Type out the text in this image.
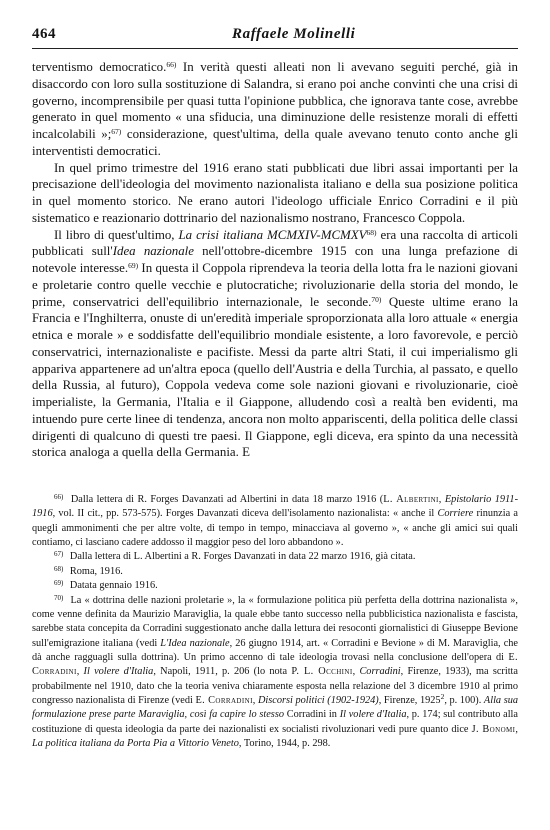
464	Raffaele Molinelli

terventismo democratico.$^{66)}$ In verità questi alleati non li avevano seguiti perché, già in disaccordo con loro sulla sostituzione di Salandra, si erano poi anche convinti che una crisi di governo, incomprensibile per quasi tutta l'opinione pubblica, che ignorava tante cose, avrebbe generato in quel momento « una sfiducia, una diminuzione delle resistenze morali di effetti incalcolabili »;$^{67)}$ considerazione, quest'ultima, della quale avevano tenuto conto anche gli interventisti democratici.

In quel primo trimestre del 1916 erano stati pubblicati due libri assai importanti per la precisazione dell'ideologia del movimento nazionalista italiano e della sua posizione politica in quel momento storico. Ne erano autori l'ideologo ufficiale Enrico Corradini e il più sistematico e reazionario dottrinario del nazionalismo nostrano, Francesco Coppola.

Il libro di quest'ultimo, La crisi italiana MCMXIV-MCMXV$^{68)}$ era una raccolta di articoli pubblicati sull'Idea nazionale nell'ottobre-dicembre 1915 con una lunga prefazione di notevole interesse.$^{69)}$ In questa il Coppola riprendeva la teoria della lotta fra le nazioni giovani e proletarie contro quelle vecchie e plutocratiche; rivoluzionarie della storia del mondo, le prime, conservatrici dell'equilibrio internazionale, le seconde.$^{70)}$ Queste ultime erano la Francia e l'Inghilterra, onuste di un'eredità imperiale sproporzionata alla loro attuale « energia etnica e morale » e soddisfatte dell'equilibrio mondiale esistente, a loro favorevole, e perciò conservatrici, internazionaliste e pacifiste. Messi da parte altri Stati, il cui imperialismo gli appariva appartenere ad un'altra epoca (quello dell'Austria e della Turchia, al passato, e quello della Russia, al futuro), Coppola vedeva come sole nazioni giovani e rivoluzionarie, cioè imperialiste, la Germania, l'Italia e il Giappone, alludendo così a realtà ben evidenti, ma intuendo pure certe linee di tendenza, ancora non molto appariscenti, della politica delle classi dirigenti di qualcuno di questi tre paesi. Il Giappone, egli diceva, era spinto da una necessità storica analoga a quella della Germania. E

$^{66)}$ Dalla lettera di R. Forges Davanzati ad Albertini in data 18 marzo 1916 (L. Albertini, Epistolario 1911-1916, vol. II cit., pp. 573-575). Forges Davanzati diceva dell'isolamento nazionalista: « anche il Corriere rinunzia a quegli ammonimenti che per altre volte, di tempo in tempo, minacciava al governo », « anche gli amici sui quali contiamo, ci lasciano cadere addosso il maggior peso del loro abbandono ».

$^{67)}$ Dalla lettera di L. Albertini a R. Forges Davanzati in data 22 marzo 1916, già citata.

$^{68)}$ Roma, 1916.

$^{69)}$ Datata gennaio 1916.

$^{70)}$ La « dottrina delle nazioni proletarie », la « formulazione politica più perfetta della dottrina nazionalista », come venne definita da Maurizio Maraviglia, la quale ebbe tanto successo nella pubblicistica nazionalista e fascista, sarebbe stata concepita da Corradini suggestionato anche dalla lettura dei resoconti giornalistici di Giuseppe Bevione sull'emigrazione italiana (vedi L'Idea nazionale, 26 giugno 1914, art. « Corradini e Bevione » di M. Maraviglia, che dà anche ragguagli sulla dottrina). Un primo accenno di tale ideologia trovasi nella conclusione dell'opera di E. Corradini, Il volere d'Italia, Napoli, 1911, p. 206 (lo nota P. L. Occhini, Corradini, Firenze, 1933), ma scritta probabilmente nel 1910, dato che la teoria veniva chiaramente esposta nella relazione del 3 dicembre 1910 al primo congresso nazionalista di Firenze (vedi E. Corradini, Discorsi politici (1902-1924), Firenze, 1925$^2$, p. 100). Alla sua formulazione prese parte Maraviglia, così fa capire lo stesso Corradini in Il volere d'Italia, p. 174; sul contributo alla costituzione di questa ideologia da parte dei nazionalisti ex socialisti rivoluzionari vedi pure quanto dice J. Bonomi, La politica italiana da Porta Pia a Vittorio Veneto, Torino, 1944, p. 298.
